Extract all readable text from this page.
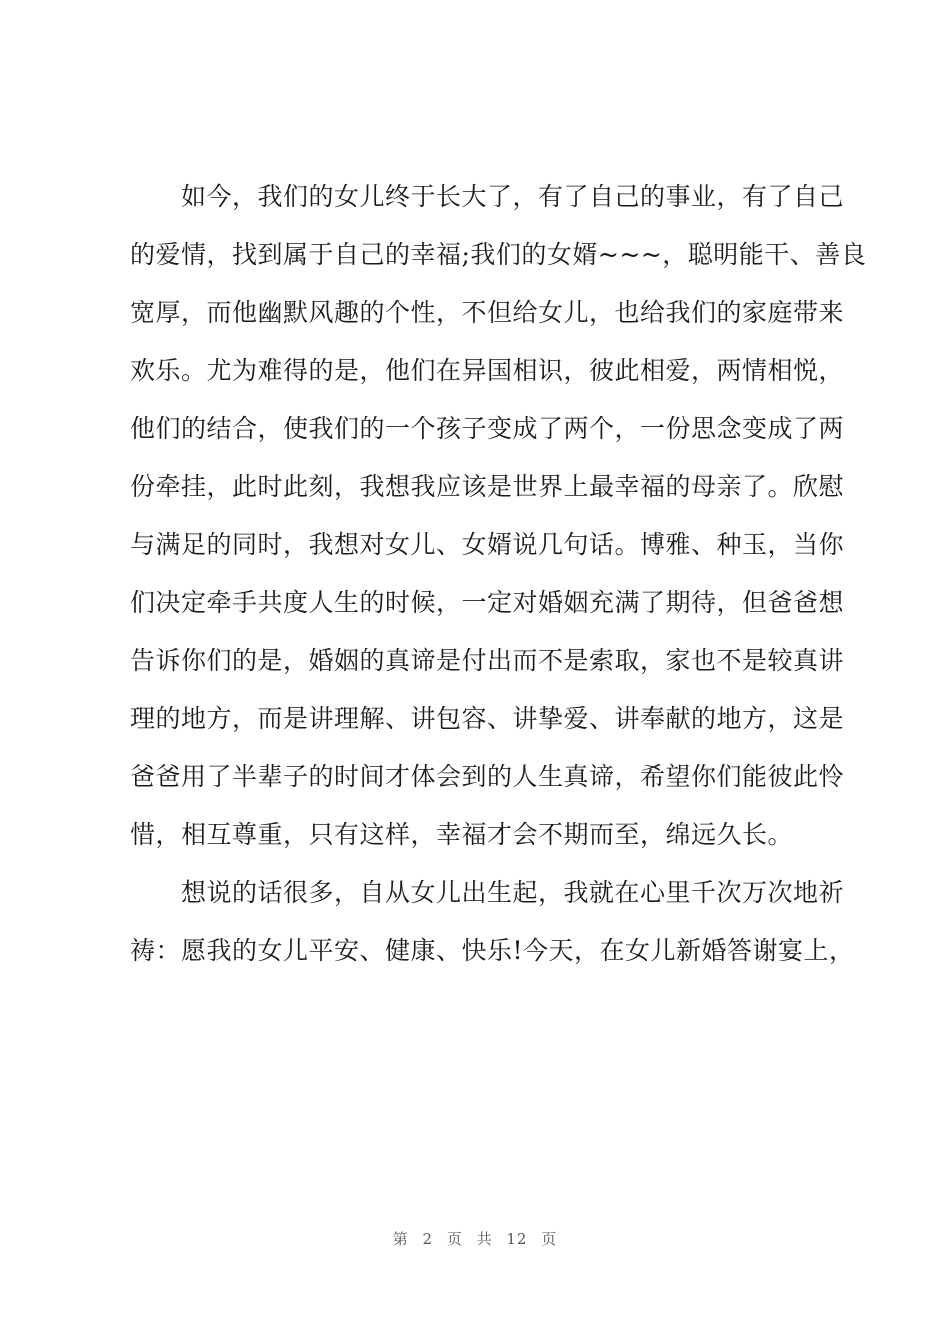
　　如今，我们的女儿终于长大了，有了自己的事业，有了自己
的爱情，找到属于自己的幸福;我们的女婿~~~，聪明能干、善良
宽厚，而他幽默风趣的个性，不但给女儿，也给我们的家庭带来
欢乐。尤为难得的是，他们在异国相识，彼此相爱，两情相悦，
他们的结合，使我们的一个孩子变成了两个，一份思念变成了两
份牵挂，此时此刻，我想我应该是世界上最幸福的母亲了。欣慰
与满足的同时，我想对女儿、女婿说几句话。博雅、种玉，当你
们决定牵手共度人生的时候，一定对婚姻充满了期待，但爸爸想
告诉你们的是，婚姻的真谛是付出而不是索取，家也不是较真讲
理的地方，而是讲理解、讲包容、讲挚爱、讲奉献的地方，这是
爸爸用了半辈子的时间才体会到的人生真谛，希望你们能彼此怜
惜，相互尊重，只有这样，幸福才会不期而至，绵远久长。
　　想说的话很多，自从女儿出生起，我就在心里千次万次地祈
祷：愿我的女儿平安、健康、快乐!今天，在女儿新婚答谢宴上，
第 2 页 共 12 页
